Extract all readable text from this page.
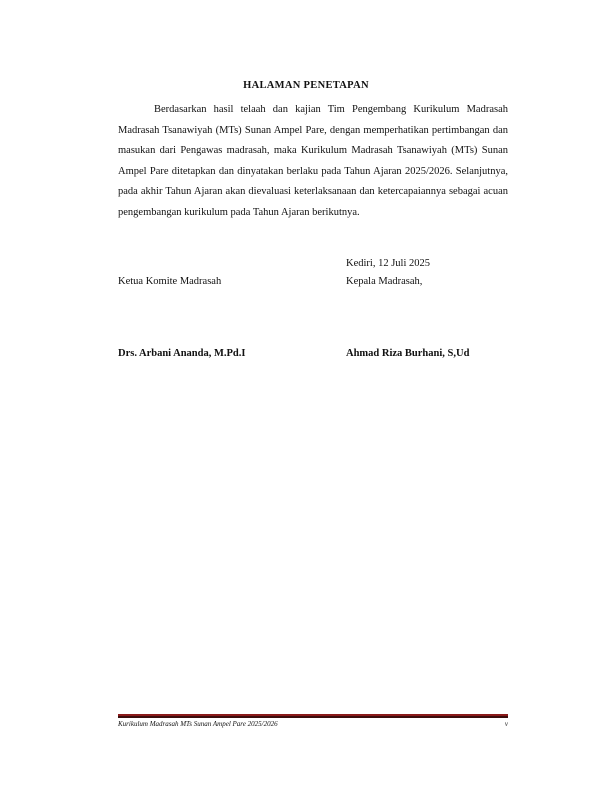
HALAMAN PENETAPAN

Berdasarkan hasil telaah dan kajian Tim Pengembang Kurikulum Madrasah Madrasah Tsanawiyah (MTs) Sunan Ampel Pare, dengan memperhatikan pertimbangan dan masukan dari Pengawas madrasah, maka Kurikulum Madrasah Tsanawiyah (MTs) Sunan Ampel Pare ditetapkan dan dinyatakan berlaku pada Tahun Ajaran 2025/2026. Selanjutnya, pada akhir Tahun Ajaran akan dievaluasi keterlaksanaan dan ketercapaiannya sebagai acuan pengembangan kurikulum pada Tahun Ajaran berikutnya.

Kediri, 12 Juli 2025
Ketua Komite Madrasah	Kepala Madrasah,
Drs. Arbani Ananda, M.Pd.I	Ahmad Riza Burhani, S,Ud
Kurikulum Madrasah MTs Sunan Ampel Pare 2025/2026	v
